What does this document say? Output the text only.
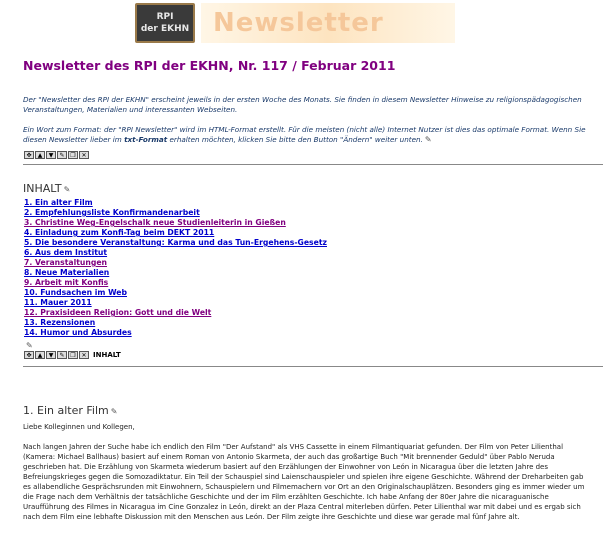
RPI
der EKHN Newsletter
Newsletter des RPI der EKHN, Nr. 117 / Februar 2011
Der "Newsletter des RPI der EKHN" erscheint jeweils in der ersten Woche des Monats. Sie finden in diesem Newsletter Hinweise zu religionspädagogischen Veranstaltungen, Materialien und interessanten Webseiten.
Ein Wort zum Format: der "RPI Newsletter" wird im HTML-Format erstellt. Für die meisten (nicht alle) Internet Nutzer ist dies das optimale Format. Wenn Sie diesen Newsletter lieber im txt-Format erhalten möchten, klicken Sie bitte den Button "Ändern" weiter unten. ✎
✥	▲	▼	✎ ❐ ✕
INHALT ✎
1. Ein alter Film
2. Empfehlungsliste Konfirmandenarbeit
3. Christine Weg-Engelschalk neue Studienleiterin in Gießen
4. Einladung zum Konfi-Tag beim DEKT 2011
5. Die besondere Veranstaltung: Karma und das Tun-Ergehens-Gesetz
6. Aus dem Institut
7. Veranstaltungen
8. Neue Materialien
9. Arbeit mit Konfis
10. Fundsachen im Web
11. Mauer 2011
12. Praxisideen Religion: Gott und die Welt
13. Rezensionen
14. Humor und Absurdes
✎
✥	▲	▼	✎ ❐ ✕ INHALT
1. Ein alter Film ✎
Liebe Kolleginnen und Kollegen,
Nach langen Jahren der Suche habe ich endlich den Film "Der Aufstand" als VHS Cassette in einem Filmantiquariat gefunden. Der Film von Peter Lilienthal (Kamera: Michael Ballhaus) basiert auf einem Roman von Antonio Skarmeta, der auch das großartige Buch "Mit brennender Geduld" über Pablo Neruda geschrieben hat. Die Erzählung von Skarmeta wiederum basiert auf den Erzählungen der Einwohner von León in Nicaragua über die letzten Jahre des Befreiungskrieges gegen die Somozadiktatur. Ein Teil der Schauspiel sind Laienschauspieler und spielen ihre eigene Geschichte. Während der Dreharbeiten gab es allabendliche Gesprächsrunden mit Einwohnern, Schauspielern und Filmemachern vor Ort an den Originalschauplätzen. Besonders ging es immer wieder um die Frage nach dem Verhältnis der tatsächliche Geschichte und der im Film erzählten Geschichte. Ich habe Anfang der 80er Jahre die nicaraguanische Uraufführung des Filmes in Nicaragua im Cine Gonzalez in León, direkt an der Plaza Central miterleben dürfen. Peter Lilienthal war mit dabei und es ergab sich nach dem Film eine lebhafte Diskussion mit den Menschen aus León. Der Film zeigte ihre Geschichte und diese war gerade mal fünf Jahre alt.
